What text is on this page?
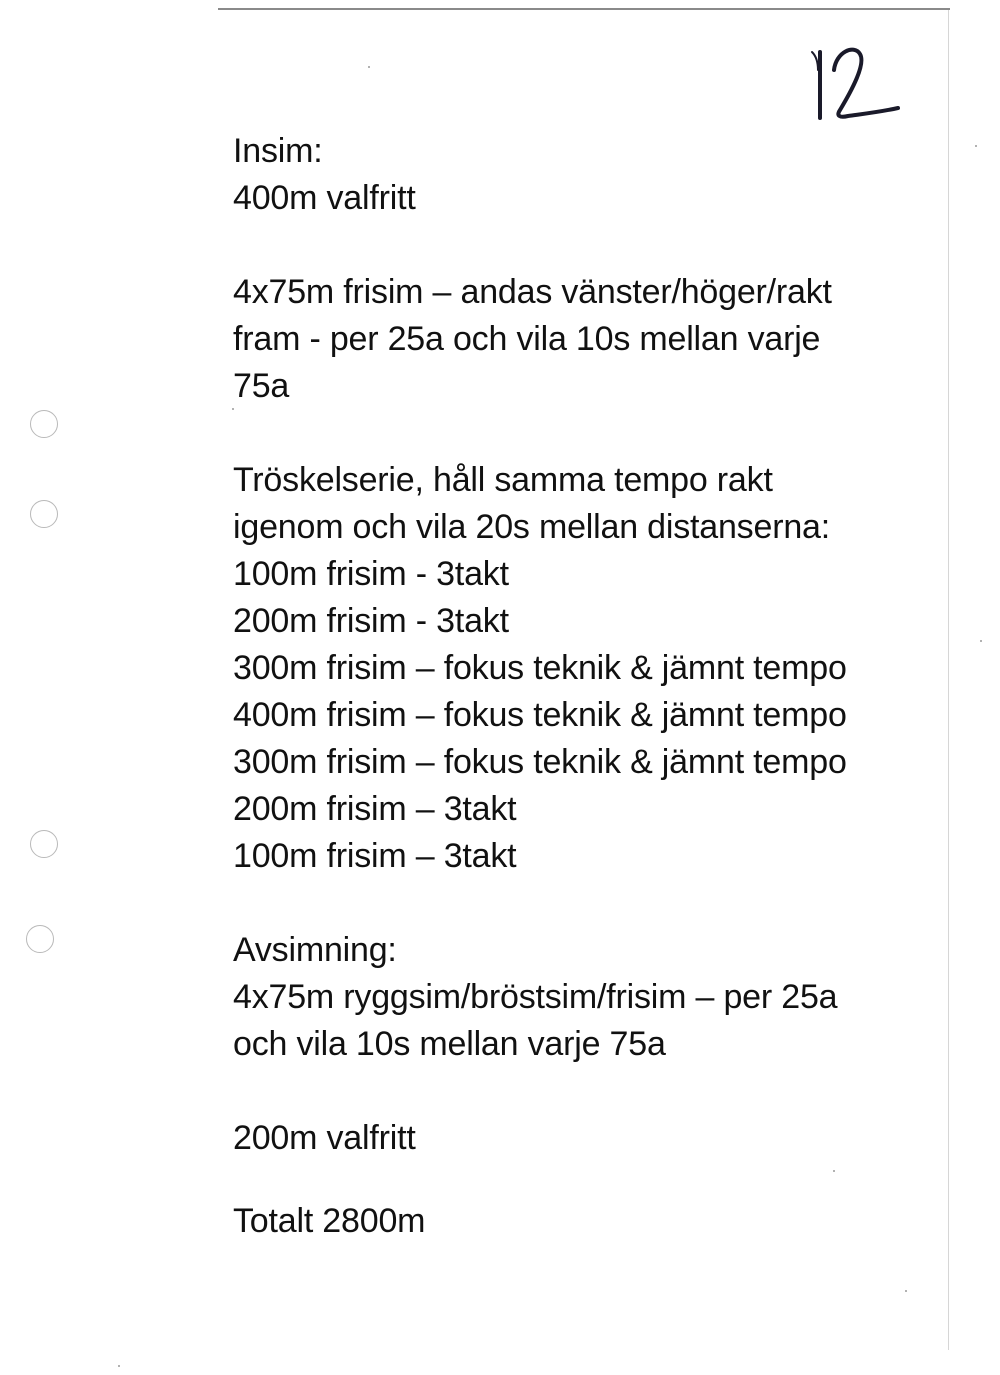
12
Insim:
400m valfritt
4x75m frisim – andas vänster/höger/rakt
fram - per 25a och vila 10s mellan varje
75a
Tröskelserie, håll samma tempo rakt
igenom och vila 20s mellan distanserna:
100m frisim - 3takt
200m frisim - 3takt
300m frisim – fokus teknik & jämnt tempo
400m frisim – fokus teknik & jämnt tempo
300m frisim – fokus teknik & jämnt tempo
200m frisim – 3takt
100m frisim – 3takt
Avsimning:
4x75m ryggsim/bröstsim/frisim – per 25a
och vila 10s mellan varje 75a
200m valfritt
Totalt 2800m
